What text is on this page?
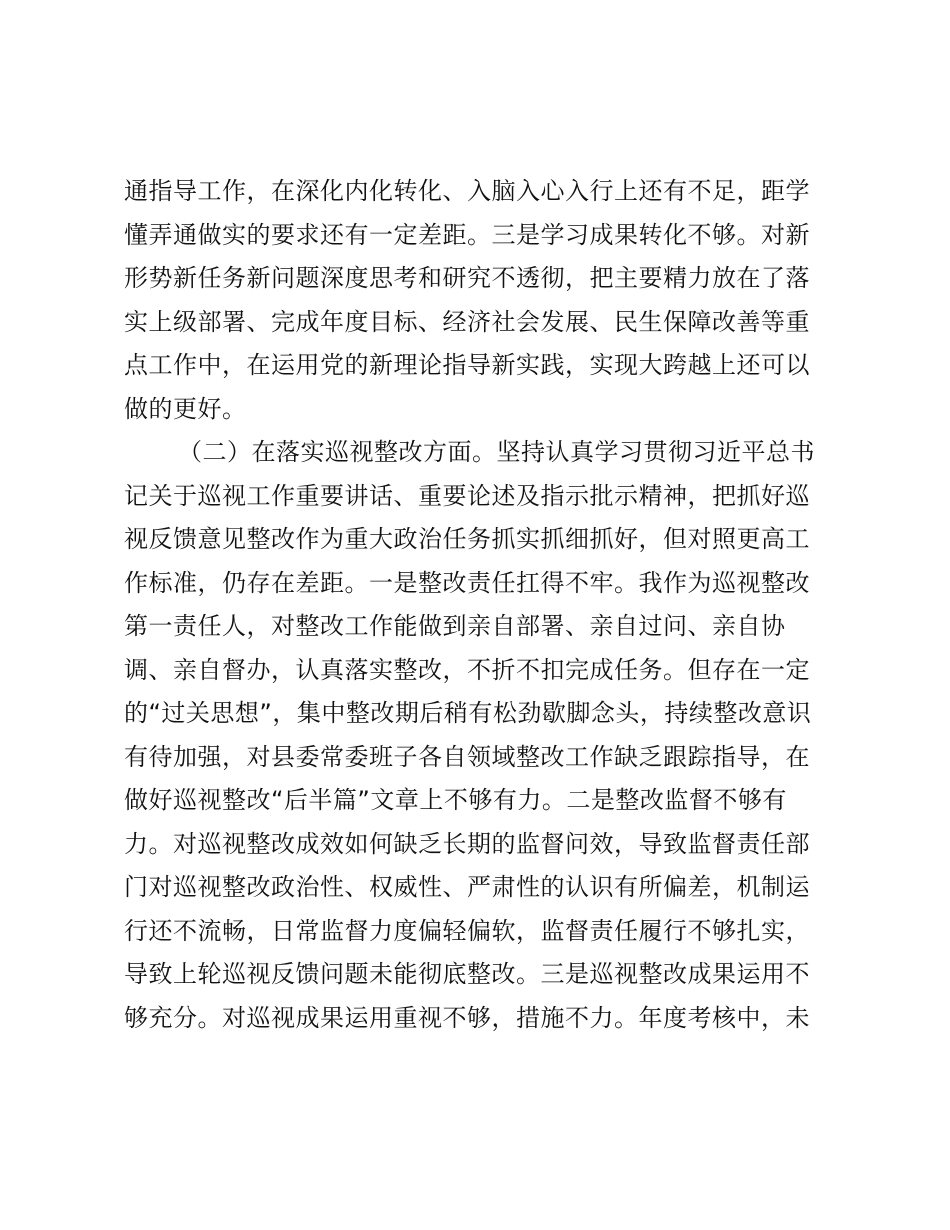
通指导工作，在深化内化转化、入脑入心入行上还有不足，距学
懂弄通做实的要求还有一定差距。三是学习成果转化不够。对新
形势新任务新问题深度思考和研究不透彻，把主要精力放在了落
实上级部署、完成年度目标、经济社会发展、民生保障改善等重
点工作中，在运用党的新理论指导新实践，实现大跨越上还可以
做的更好。
（二）在落实巡视整改方面。坚持认真学习贯彻习近平总书
记关于巡视工作重要讲话、重要论述及指示批示精神，把抓好巡
视反馈意见整改作为重大政治任务抓实抓细抓好，但对照更高工
作标准，仍存在差距。一是整改责任扛得不牢。我作为巡视整改
第一责任人，对整改工作能做到亲自部署、亲自过问、亲自协
调、亲自督办，认真落实整改，不折不扣完成任务。但存在一定
的“过关思想”，集中整改期后稍有松劲歇脚念头，持续整改意识
有待加强，对县委常委班子各自领域整改工作缺乏跟踪指导，在
做好巡视整改“后半篇”文章上不够有力。二是整改监督不够有
力。对巡视整改成效如何缺乏长期的监督问效，导致监督责任部
门对巡视整改政治性、权威性、严肃性的认识有所偏差，机制运
行还不流畅，日常监督力度偏轻偏软，监督责任履行不够扎实，
导致上轮巡视反馈问题未能彻底整改。三是巡视整改成果运用不
够充分。对巡视成果运用重视不够，措施不力。年度考核中，未
